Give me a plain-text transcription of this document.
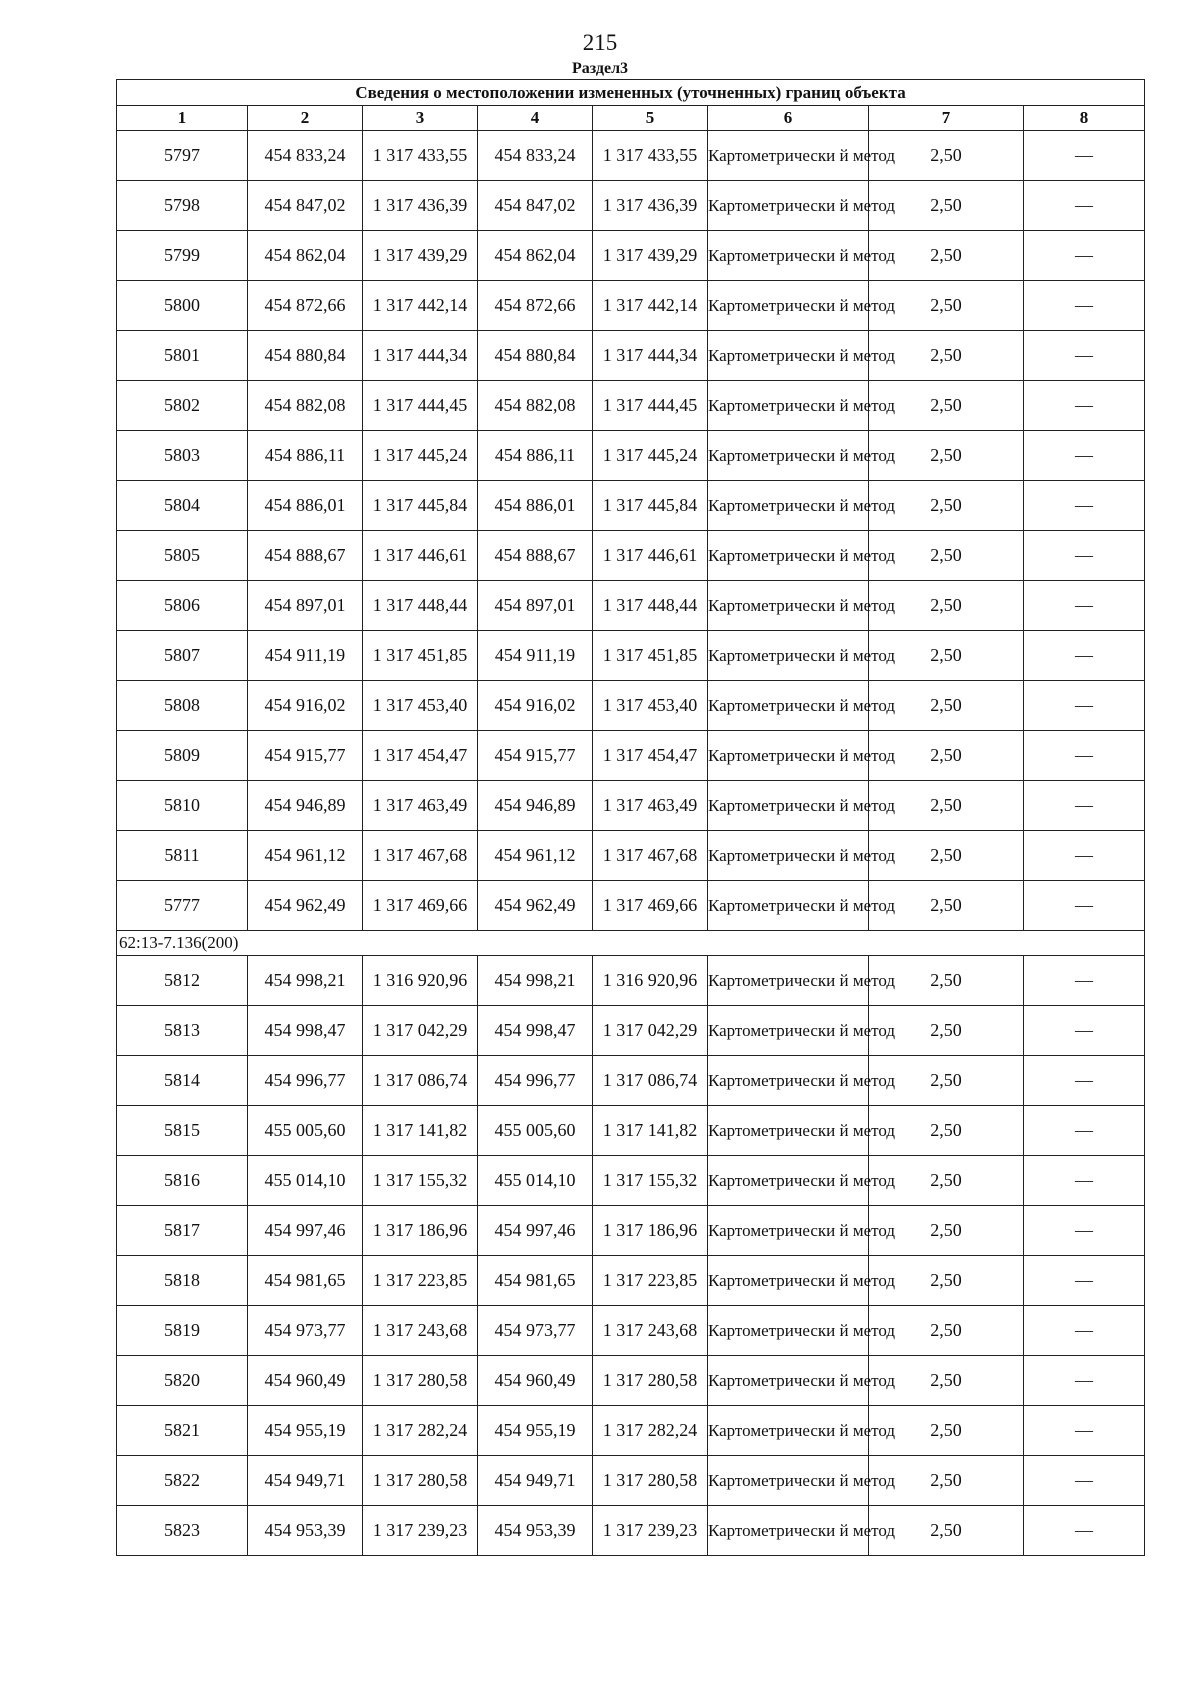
215
Раздел3
Сведения о местоположении измененных (уточненных) границ объекта							
1	2	3	4	5	6	7	8
5797	454 833,24	1 317 433,55	454 833,24	1 317 433,55	Картометрически й метод	2,50	—
5798	454 847,02	1 317 436,39	454 847,02	1 317 436,39	Картометрически й метод	2,50	—
5799	454 862,04	1 317 439,29	454 862,04	1 317 439,29	Картометрически й метод	2,50	—
5800	454 872,66	1 317 442,14	454 872,66	1 317 442,14	Картометрически й метод	2,50	—
5801	454 880,84	1 317 444,34	454 880,84	1 317 444,34	Картометрически й метод	2,50	—
5802	454 882,08	1 317 444,45	454 882,08	1 317 444,45	Картометрически й метод	2,50	—
5803	454 886,11	1 317 445,24	454 886,11	1 317 445,24	Картометрически й метод	2,50	—
5804	454 886,01	1 317 445,84	454 886,01	1 317 445,84	Картометрически й метод	2,50	—
5805	454 888,67	1 317 446,61	454 888,67	1 317 446,61	Картометрически й метод	2,50	—
5806	454 897,01	1 317 448,44	454 897,01	1 317 448,44	Картометрически й метод	2,50	—
5807	454 911,19	1 317 451,85	454 911,19	1 317 451,85	Картометрически й метод	2,50	—
5808	454 916,02	1 317 453,40	454 916,02	1 317 453,40	Картометрически й метод	2,50	—
5809	454 915,77	1 317 454,47	454 915,77	1 317 454,47	Картометрически й метод	2,50	—
5810	454 946,89	1 317 463,49	454 946,89	1 317 463,49	Картометрически й метод	2,50	—
5811	454 961,12	1 317 467,68	454 961,12	1 317 467,68	Картометрически й метод	2,50	—
5777	454 962,49	1 317 469,66	454 962,49	1 317 469,66	Картометрически й метод	2,50	—
62:13-7.136(200)							
5812	454 998,21	1 316 920,96	454 998,21	1 316 920,96	Картометрически й метод	2,50	—
5813	454 998,47	1 317 042,29	454 998,47	1 317 042,29	Картометрически й метод	2,50	—
5814	454 996,77	1 317 086,74	454 996,77	1 317 086,74	Картометрически й метод	2,50	—
5815	455 005,60	1 317 141,82	455 005,60	1 317 141,82	Картометрически й метод	2,50	—
5816	455 014,10	1 317 155,32	455 014,10	1 317 155,32	Картометрически й метод	2,50	—
5817	454 997,46	1 317 186,96	454 997,46	1 317 186,96	Картометрически й метод	2,50	—
5818	454 981,65	1 317 223,85	454 981,65	1 317 223,85	Картометрически й метод	2,50	—
5819	454 973,77	1 317 243,68	454 973,77	1 317 243,68	Картометрически й метод	2,50	—
5820	454 960,49	1 317 280,58	454 960,49	1 317 280,58	Картометрически й метод	2,50	—
5821	454 955,19	1 317 282,24	454 955,19	1 317 282,24	Картометрически й метод	2,50	—
5822	454 949,71	1 317 280,58	454 949,71	1 317 280,58	Картометрически й метод	2,50	—
5823	454 953,39	1 317 239,23	454 953,39	1 317 239,23	Картометрически й метод	2,50	—
